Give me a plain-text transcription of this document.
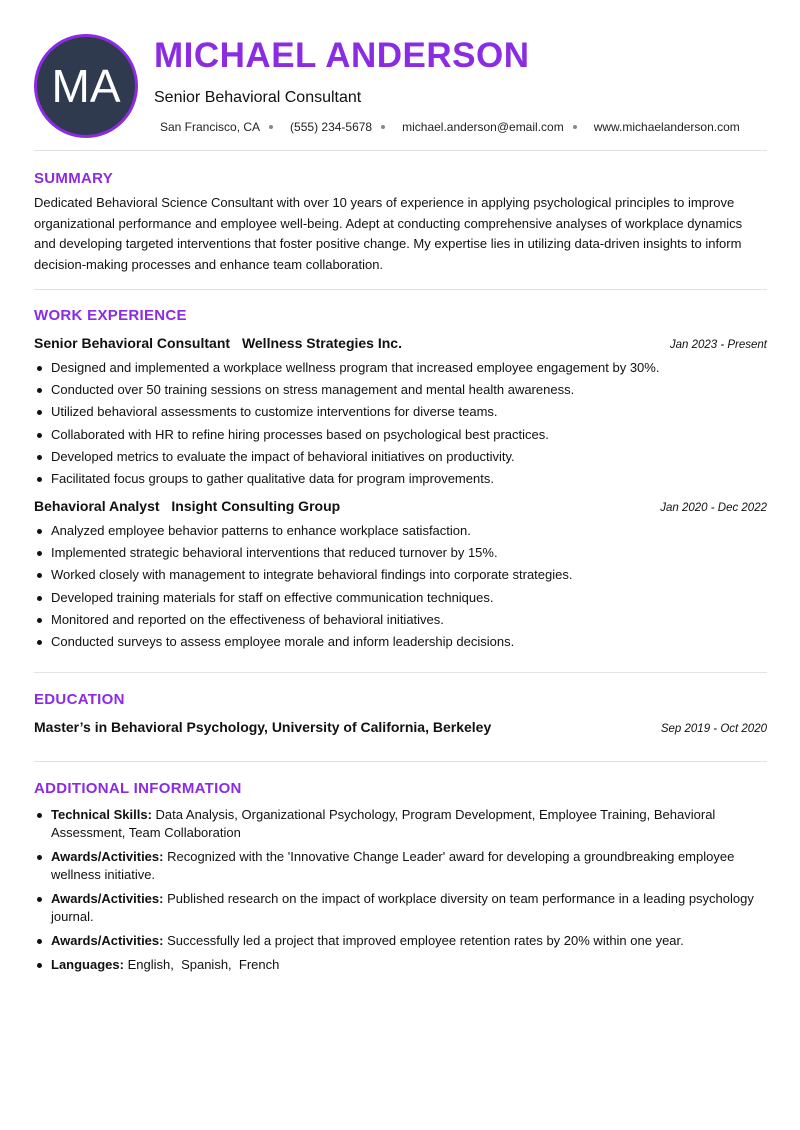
MA
MICHAEL ANDERSON
Senior Behavioral Consultant
San Francisco, CA	(555) 234-5678	michael.anderson@email.com	www.michaelanderson.com
SUMMARY

Dedicated Behavioral Science Consultant with over 10 years of experience in applying psychological principles to improve organizational performance and employee well-being. Adept at conducting comprehensive analyses of workplace dynamics and developing targeted interventions that foster positive change. My expertise lies in utilizing data-driven insights to inform decision-making processes and enhance team collaboration.

WORK EXPERIENCE
Senior Behavioral Consultant Wellness Strategies Inc.	Jan 2023 - Present
Designed and implemented a workplace wellness program that increased employee engagement by 30%.
Conducted over 50 training sessions on stress management and mental health awareness.
Utilized behavioral assessments to customize interventions for diverse teams.
Collaborated with HR to refine hiring processes based on psychological best practices.
Developed metrics to evaluate the impact of behavioral initiatives on productivity.
Facilitated focus groups to gather qualitative data for program improvements.
Behavioral Analyst Insight Consulting Group	Jan 2020 - Dec 2022
Analyzed employee behavior patterns to enhance workplace satisfaction.
Implemented strategic behavioral interventions that reduced turnover by 15%.
Worked closely with management to integrate behavioral findings into corporate strategies.
Developed training materials for staff on effective communication techniques.
Monitored and reported on the effectiveness of behavioral initiatives.
Conducted surveys to assess employee morale and inform leadership decisions.
EDUCATION
Master’s in Behavioral Psychology, University of California, Berkeley	Sep 2019 - Oct 2020
ADDITIONAL INFORMATION
Technical Skills: Data Analysis, Organizational Psychology, Program Development, Employee Training, Behavioral Assessment, Team Collaboration
Awards/Activities: Recognized with the 'Innovative Change Leader' award for developing a groundbreaking employee wellness initiative.
Awards/Activities: Published research on the impact of workplace diversity on team performance in a leading psychology journal.
Awards/Activities: Successfully led a project that improved employee retention rates by 20% within one year.
Languages: English,  Spanish,  French
